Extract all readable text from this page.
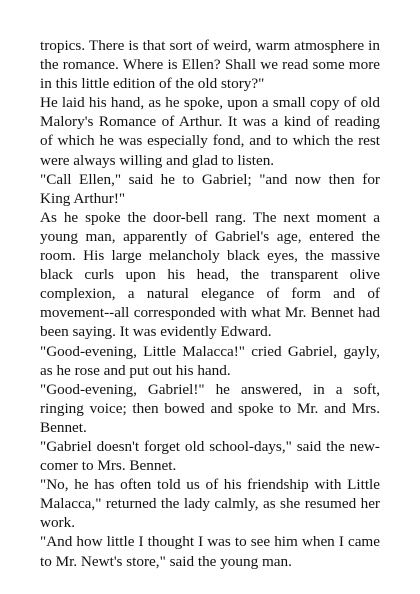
tropics. There is that sort of weird, warm atmosphere in the romance. Where is Ellen? Shall we read some more in this little edition of the old story?"

He laid his hand, as he spoke, upon a small copy of old Malory's Romance of Arthur. It was a kind of reading of which he was especially fond, and to which the rest were always willing and glad to listen.

"Call Ellen," said he to Gabriel; "and now then for King Arthur!"

As he spoke the door-bell rang. The next moment a young man, apparently of Gabriel's age, entered the room. His large melancholy black eyes, the massive black curls upon his head, the transparent olive complexion, a natural elegance of form and of movement--all corresponded with what Mr. Bennet had been saying. It was evidently Edward.

"Good-evening, Little Malacca!" cried Gabriel, gayly, as he rose and put out his hand.

"Good-evening, Gabriel!" he answered, in a soft, ringing voice; then bowed and spoke to Mr. and Mrs. Bennet.

"Gabriel doesn't forget old school-days," said the new-comer to Mrs. Bennet.

"No, he has often told us of his friendship with Little Malacca," returned the lady calmly, as she resumed her work.

"And how little I thought I was to see him when I came to Mr. Newt's store," said the young man.
